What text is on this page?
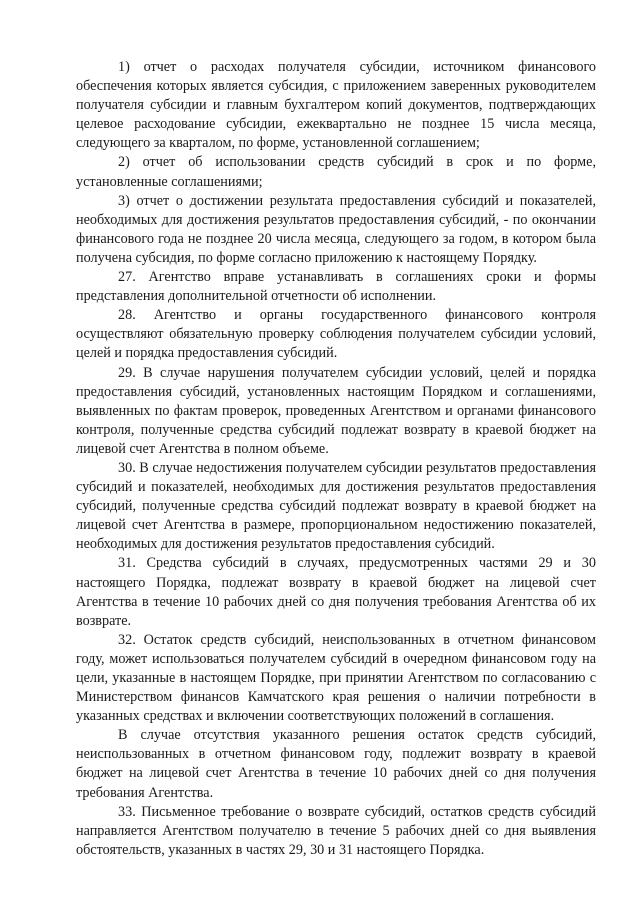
1) отчет о расходах получателя субсидии, источником финансового обеспечения которых является субсидия, с приложением заверенных руководителем получателя субсидии и главным бухгалтером копий документов, подтверждающих целевое расходование субсидии, ежеквартально не позднее 15 числа месяца, следующего за кварталом, по форме, установленной соглашением;

2) отчет об использовании средств субсидий в срок и по форме, установленные соглашениями;

3) отчет о достижении результата предоставления субсидий и показателей, необходимых для достижения результатов предоставления субсидий, - по окончании финансового года не позднее 20 числа месяца, следующего за годом, в котором была получена субсидия, по форме согласно приложению к настоящему Порядку.

27. Агентство вправе устанавливать в соглашениях сроки и формы представления дополнительной отчетности об исполнении.

28. Агентство и органы государственного финансового контроля осуществляют обязательную проверку соблюдения получателем субсидии условий, целей и порядка предоставления субсидий.

29. В случае нарушения получателем субсидии условий, целей и порядка предоставления субсидий, установленных настоящим Порядком и соглашениями, выявленных по фактам проверок, проведенных Агентством и органами финансового контроля, полученные средства субсидий подлежат возврату в краевой бюджет на лицевой счет Агентства в полном объеме.

30. В случае недостижения получателем субсидии результатов предоставления субсидий и показателей, необходимых для достижения результатов предоставления субсидий, полученные средства субсидий подлежат возврату в краевой бюджет на лицевой счет Агентства в размере, пропорциональном недостижению показателей, необходимых для достижения результатов предоставления субсидий.

31. Средства субсидий в случаях, предусмотренных частями 29 и 30 настоящего Порядка, подлежат возврату в краевой бюджет на лицевой счет Агентства в течение 10 рабочих дней со дня получения требования Агентства об их возврате.

32. Остаток средств субсидий, неиспользованных в отчетном финансовом году, может использоваться получателем субсидий в очередном финансовом году на цели, указанные в настоящем Порядке, при принятии Агентством по согласованию с Министерством финансов Камчатского края решения о наличии потребности в указанных средствах и включении соответствующих положений в соглашения.

В случае отсутствия указанного решения остаток средств субсидий, неиспользованных в отчетном финансовом году, подлежит возврату в краевой бюджет на лицевой счет Агентства в течение 10 рабочих дней со дня получения требования Агентства.

33. Письменное требование о возврате субсидий, остатков средств субсидий направляется Агентством получателю в течение 5 рабочих дней со дня выявления обстоятельств, указанных в частях 29, 30 и 31 настоящего Порядка.
